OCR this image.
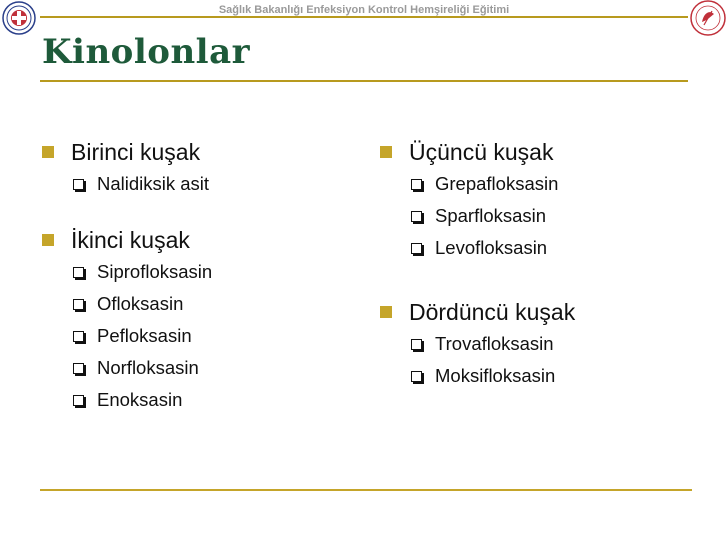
Sağlık Bakanlığı Enfeksiyon Kontrol Hemşireliği Eğitimi
Kinolonlar
Birinci kuşak
Nalidiksik asit
İkinci kuşak
Siprofloksasin
Ofloksasin
Pefloksasin
Norfloksasin
Enoksasin
Üçüncü kuşak
Grepafloksasin
Sparfloksasin
Levofloksasin
Dördüncü kuşak
Trovafloksasin
Moksifloksasin
